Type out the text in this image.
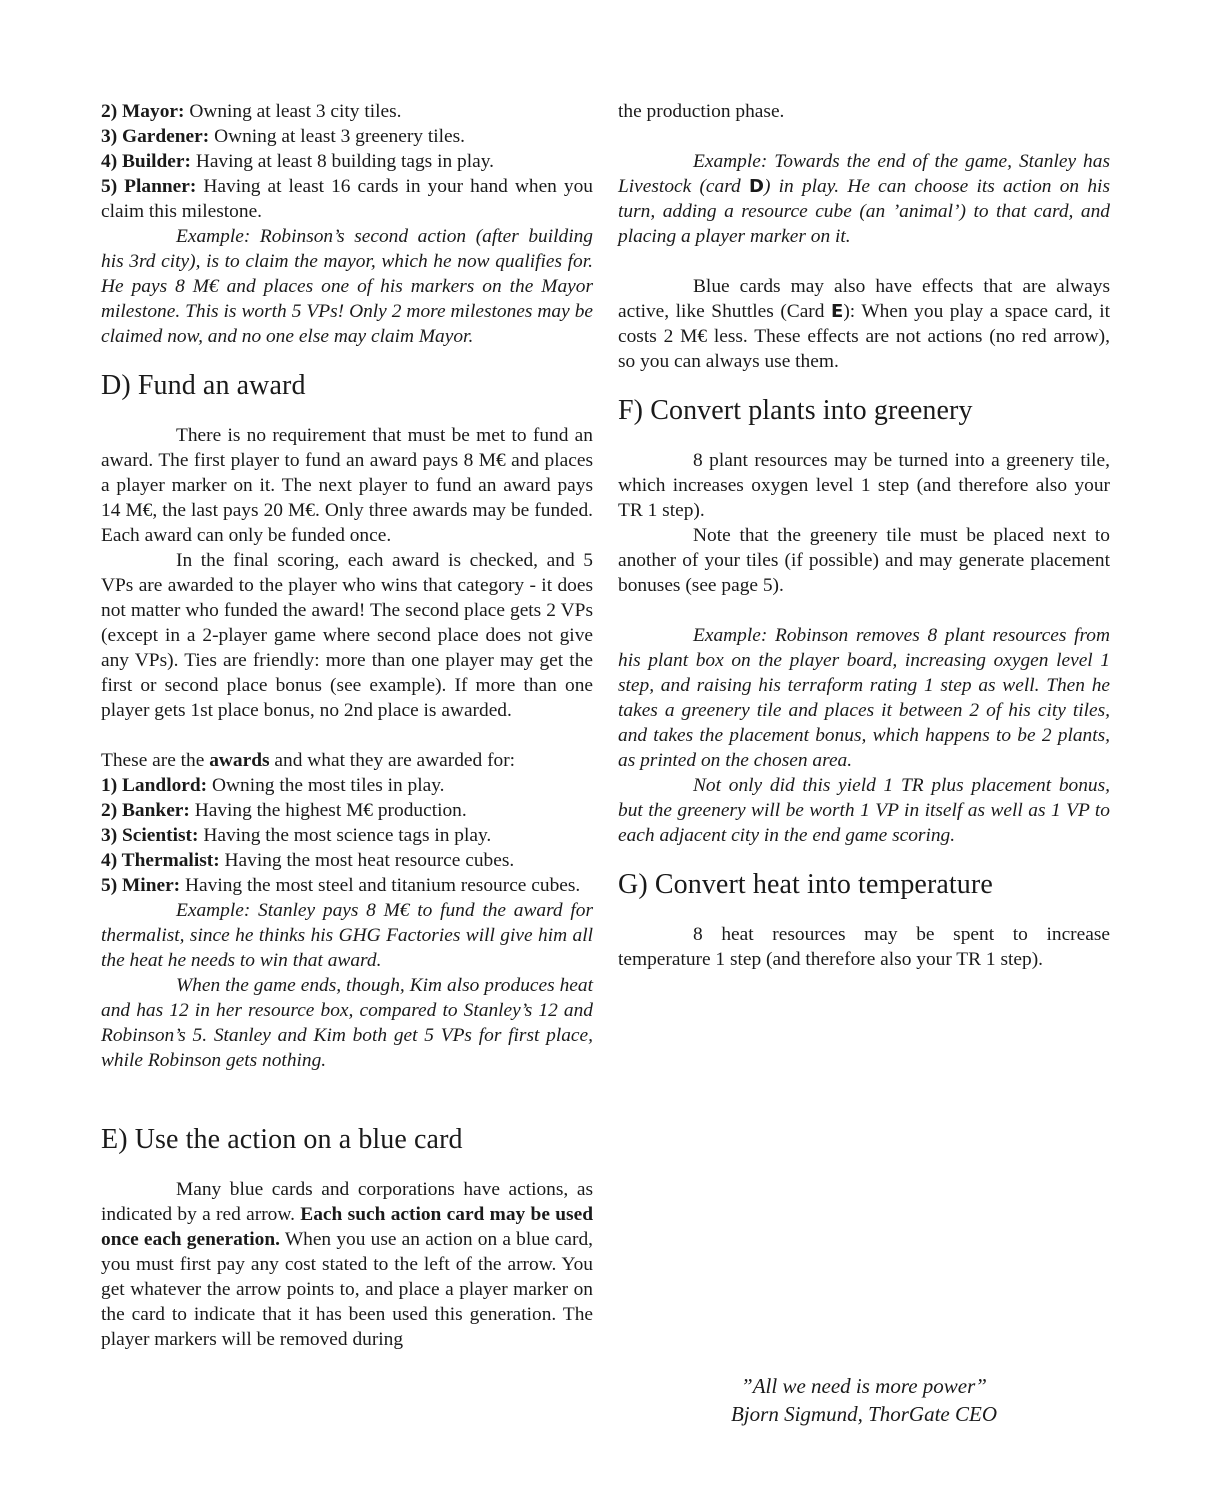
2) Mayor: Owning at least 3 city tiles.

3) Gardener: Owning at least 3 greenery tiles.

4) Builder: Having at least 8 building tags in play.

5) Planner: Having at least 16 cards in your hand when you claim this milestone.

Example: Robinson’s second action (after building his 3rd city), is to claim the mayor, which he now qualifies for. He pays 8 M€ and places one of his markers on the Mayor milestone. This is worth 5 VPs! Only 2 more milestones may be claimed now, and no one else may claim Mayor.

D) Fund an award

There is no requirement that must be met to fund an award. The first player to fund an award pays 8 M€ and places a player marker on it. The next player to fund an award pays 14 M€, the last pays 20 M€. Only three awards may be funded. Each award can only be funded once.

In the final scoring, each award is checked, and 5 VPs are awarded to the player who wins that category - it does not matter who funded the award! The second place gets 2 VPs (except in a 2-player game where second place does not give any VPs). Ties are friendly: more than one player may get the first or second place bonus (see example). If more than one player gets 1st place bonus, no 2nd place is awarded.

These are the awards and what they are awarded for:

1) Landlord: Owning the most tiles in play.

2) Banker: Having the highest M€ production.

3) Scientist: Having the most science tags in play.

4) Thermalist: Having the most heat resource cubes.

5) Miner: Having the most steel and titanium resource cubes.

Example: Stanley pays 8 M€ to fund the award for thermalist, since he thinks his GHG Factories will give him all the heat he needs to win that award.

When the game ends, though, Kim also produces heat and has 12 in her resource box, compared to Stanley’s 12 and Robinson’s 5. Stanley and Kim both get 5 VPs for first place, while Robinson gets nothing.

E) Use the action on a blue card

Many blue cards and corporations have actions, as indicated by a red arrow. Each such action card may be used once each generation. When you use an action on a blue card, you must first pay any cost stated to the left of the arrow. You get whatever the arrow points to, and place a player marker on the card to indicate that it has been used this generation. The player markers will be removed during

the production phase.

Example: Towards the end of the game, Stanley has Livestock (card D) in play. He can choose its action on his turn, adding a resource cube (an ’animal’) to that card, and placing a player marker on it.

Blue cards may also have effects that are always active, like Shuttles (Card E): When you play a space card, it costs 2 M€ less. These effects are not actions (no red arrow), so you can always use them.

F) Convert plants into greenery

8 plant resources may be turned into a greenery tile, which increases oxygen level 1 step (and therefore also your TR 1 step).

Note that the greenery tile must be placed next to another of your tiles (if possible) and may generate placement bonuses (see page 5).

Example: Robinson removes 8 plant resources from his plant box on the player board, increasing oxygen level 1 step, and raising his terraform rating 1 step as well. Then he takes a greenery tile and places it between 2 of his city tiles, and takes the placement bonus, which happens to be 2 plants, as printed on the chosen area.

Not only did this yield 1 TR plus placement bonus, but the greenery will be worth 1 VP in itself as well as 1 VP to each adjacent city in the end game scoring.

G) Convert heat into temperature

8 heat resources may be spent to increase temperature 1 step (and therefore also your TR 1 step).

”All we need is more power”
Bjorn Sigmund, ThorGate CEO
